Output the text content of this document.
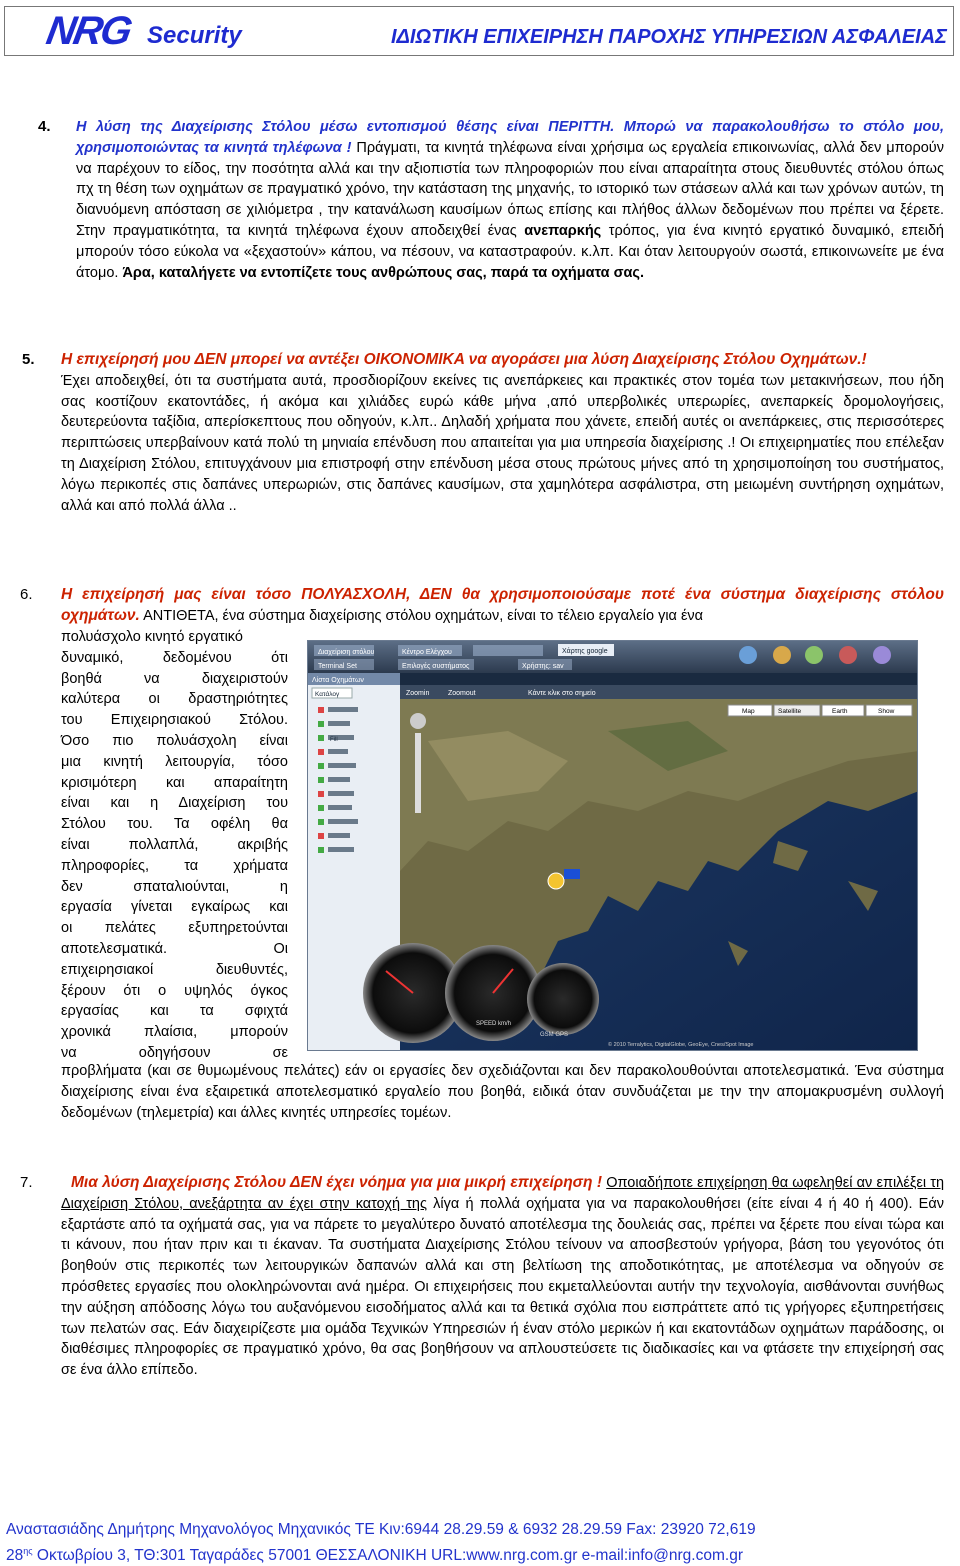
NRG Security	ΙΔΙΩΤΙΚΗ ΕΠΙΧΕΙΡΗΣΗ ΠΑΡΟΧΗΣ ΥΠΗΡΕΣΙΩΝ ΑΣΦΑΛΕΙΑΣ
4. Η λύση της Διαχείρισης Στόλου μέσω εντοπισμού θέσης είναι ΠΕΡΙΤΤΗ. Μπορώ να παρακολουθήσω το στόλο μου, χρησιμοποιώντας τα κινητά τηλέφωνα ! Πράγματι, τα κινητά τηλέφωνα είναι χρήσιμα ως εργαλεία επικοινωνίας, αλλά δεν μπορούν να παρέχουν το είδος, την ποσότητα αλλά και την αξιοπιστία των πληροφοριών που είναι απαραίτητα στους διευθυντές στόλου όπως πχ τη θέση των οχημάτων σε πραγματικό χρόνο, την κατάσταση της μηχανής, το ιστορικό των στάσεων αλλά και των χρόνων αυτών, τη διανυόμενη απόσταση σε χιλιόμετρα , την κατανάλωση καυσίμων όπως επίσης και πλήθος άλλων δεδομένων που πρέπει να ξέρετε. Στην πραγματικότητα, τα κινητά τηλέφωνα έχουν αποδειχθεί ένας ανεπαρκής τρόπος, για ένα κινητό εργατικό δυναμικό, επειδή μπορούν τόσο εύκολα να «ξεχαστούν» κάπου, να πέσουν, να καταστραφούν. κ.λπ. Και όταν λειτουργούν σωστά, επικοινωνείτε με ένα άτομο. Άρα, καταλήγετε να εντοπίζετε τους ανθρώπους σας, παρά τα οχήματα σας.
5. Η επιχείρησή μου ΔΕΝ μπορεί να αντέξει ΟΙΚΟΝΟΜΙΚΑ να αγοράσει μια λύση Διαχείρισης Στόλου Οχημάτων.!
Έχει αποδειχθεί, ότι τα συστήματα αυτά, προσδιορίζουν εκείνες τις ανεπάρκειες και πρακτικές στον τομέα των μετακινήσεων, που ήδη σας κοστίζουν εκατοντάδες, ή ακόμα και χιλιάδες ευρώ κάθε μήνα ,από υπερβολικές υπερωρίες, ανεπαρκείς δρομολογήσεις, δευτερεύοντα ταξίδια, απερίσκεπτους που οδηγούν, κ.λπ.. Δηλαδή χρήματα που χάνετε, επειδή αυτές οι ανεπάρκειες, στις περισσότερες περιπτώσεις υπερβαίνουν κατά πολύ τη μηνιαία επένδυση που απαιτείται για μια υπηρεσία διαχείρισης .! Οι επιχειρηματίες που επέλεξαν τη Διαχείριση Στόλου, επιτυγχάνουν μια επιστροφή στην επένδυση μέσα στους πρώτους μήνες από τη χρησιμοποίηση του συστήματος, λόγω περικοπές στις δαπάνες υπερωριών, στις δαπάνες καυσίμων, στα χαμηλότερα ασφάλιστρα, στη μειωμένη συντήρηση οχημάτων, αλλά και από πολλά άλλα ..
6. Η επιχείρησή μας είναι τόσο ΠΟΛΥΑΣΧΟΛΗ, ΔΕΝ θα χρησιμοποιούσαμε ποτέ ένα σύστημα διαχείρισης στόλου οχημάτων. ΑΝΤΙΘΕΤΑ, ένα σύστημα διαχείρισης στόλου οχημάτων, είναι το τέλειο εργαλείο για ένα
πολυάσχολο κινητό εργατικό
δυναμικό, δεδομένου ότι
βοηθά να διαχειριστούν
καλύτερα οι δραστηριότητες
του Επιχειρησιακού Στόλου.
Όσο πιο πολυάσχολη είναι
μια κινητή λειτουργία, τόσο
κρισιμότερη και απαραίτητη
είναι και η Διαχείριση του
Στόλου του. Τα οφέλη θα
είναι πολλαπλά, ακριβής
πληροφορίες, τα χρήματα
δεν σπαταλιούνται, η
εργασία γίνεται εγκαίρως και
οι πελάτες εξυπηρετούνται
αποτελεσματικά. Οι
επιχειρησιακοί διευθυντές,
ξέρουν ότι ο υψηλός όγκος
εργασίας και τα σφιχτά
χρονικά πλαίσια, μπορούν
να οδηγήσουν σε
προβλήματα (και σε θυμωμένους πελάτες) εάν οι εργασίες δεν σχεδιάζονται και δεν παρακολουθούνται αποτελεσματικά. Ένα σύστημα διαχείρισης είναι ένα εξαιρετικά αποτελεσματικό εργαλείο που βοηθά, ειδικά όταν συνδυάζεται με την την απομακρυσμένη συλλογή δεδομένων (τηλεμετρία) και άλλες κινητές υπηρεσίες τομέων.
Διαχείριση στόλου	Κέντρο Ελέγχου	Χάρτης google
Terminal Set	Επιλογές συστήματος	Χρήστης: sav
Λίστα Οχημάτων
Κατάλογ
Fill
Zoomin	Zoomout	Κάντε κλικ στο σημείο
Map	Satellite	Earth	Show
SPEED km/h
GSM GPS
© 2010 Terralytics, DigitalGlobe, GeoEye, Cnes/Spot Image
7.	Μια λύση Διαχείρισης Στόλου ΔΕΝ έχει νόημα για μια μικρή επιχείρηση ! Οποιαδήποτε επιχείρηση θα ωφεληθεί αν επιλέξει τη Διαχείριση Στόλου, ανεξάρτητα αν έχει στην κατοχή της λίγα ή πολλά οχήματα για να παρακολουθήσει (είτε είναι 4 ή 40 ή 400). Εάν εξαρτάστε από τα οχήματά σας, για να πάρετε το μεγαλύτερο δυνατό αποτέλεσμα της δουλειάς σας, πρέπει να ξέρετε που είναι τώρα και τι κάνουν, που ήταν πριν και τι έκαναν. Τα συστήματα Διαχείρισης Στόλου τείνουν να αποσβεστούν γρήγορα, βάση του γεγονότος ότι βοηθούν στις περικοπές των λειτουργικών δαπανών αλλά και στη βελτίωση της αποδοτικότητας, με αποτέλεσμα να οδηγούν σε πρόσθετες εργασίες που ολοκληρώνονται ανά ημέρα. Οι επιχειρήσεις που εκμεταλλεύονται αυτήν την τεχνολογία, αισθάνονται συνήθως την αύξηση απόδοσης λόγω του αυξανόμενου εισοδήματος αλλά και τα θετικά σχόλια που εισπράττετε από τις γρήγορες εξυπηρετήσεις των πελατών σας. Εάν διαχειρίζεστε μια ομάδα Τεχνικών Υπηρεσιών ή έναν στόλο μερικών ή και εκατοντάδων οχημάτων παράδοσης, οι διαθέσιμες πληροφορίες σε πραγματικό χρόνο, θα σας βοηθήσουν να απλουστεύσετε τις διαδικασίες και να φτάσετε την επιχείρησή σας σε ένα άλλο επίπεδο.
Αναστασιάδης Δημήτρης Μηχανολόγος Μηχανικός ΤΕ Κιν:6944 28.29.59 & 6932 28.29.59 Fax: 23920 72,619
$28^{\eta\varsigma}$ Οκτωβρίου 3, ΤΘ:301 Ταγαράδες 57001 ΘΕΣΣΑΛΟΝΙΚΗ URL:www.nrg.com.gr e-mail:info@nrg.com.gr
